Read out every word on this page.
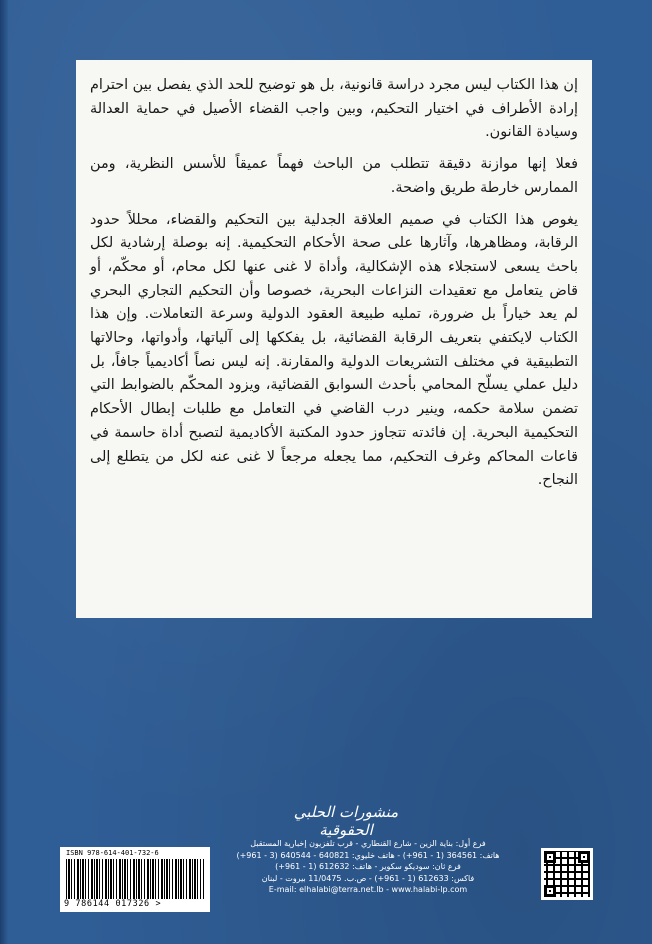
إن هذا الكتاب ليس مجرد دراسة قانونية، بل هو توضيح للحد الذي يفصل بين احترام إرادة الأطراف في اختيار التحكيم، وبين واجب القضاء الأصيل في حماية العدالة وسيادة القانون.

فعلا إنها موازنة دقيقة تتطلب من الباحث فهماً عميقاً للأسس النظرية، ومن الممارس خارطة طريق واضحة.

يغوص هذا الكتاب في صميم العلاقة الجدلية بين التحكيم والقضاء، محللاً حدود الرقابة، ومظاهرها، وآثارها على صحة الأحكام التحكيمية. إنه بوصلة إرشادية لكل باحث يسعى لاستجلاء هذه الإشكالية، وأداة لا غنى عنها لكل محام، أو محكّم، أو قاض يتعامل مع تعقيدات النزاعات البحرية، خصوصا وأن التحكيم التجاري البحري لم يعد خياراً بل ضرورة، تمليه طبيعة العقود الدولية وسرعة التعاملات. وإن هذا الكتاب لايكتفي بتعريف الرقابة القضائية، بل يفككها إلى آلياتها، وأدواتها، وحالاتها التطبيقية في مختلف التشريعات الدولية والمقارنة. إنه ليس نصاً أكاديمياً جافاً، بل دليل عملي يسلّح المحامي بأحدث السوابق القضائية، ويزود المحكّم بالضوابط التي تضمن سلامة حكمه، وينير درب القاضي في التعامل مع طلبات إبطال الأحكام التحكيمية البحرية. إن فائدته تتجاوز حدود المكتبة الأكاديمية لتصبح أداة حاسمة في قاعات المحاكم وغرف التحكيم، مما يجعله مرجعاً لا غنى عنه لكل من يتطلع إلى النجاح.

منشورات الحلبي الحقوقية
ISBN 978-614-401-732-6
9 786144 017326 >
فرع أول: بناية الزين - شارع القنطاري - قرب تلفزيون إخبارية المستقبل
هاتف: 364561 (1 - 961+) - هاتف خليوي: 640821 - 640544 (3 - 961+)
فرع ثان: سوديكو سكوير - هاتف: 612632 (1 - 961+)
فاكس: 612633 (1 - 961+) - ص.ب. 11/0475 بيروت - لبنان
E-mail: elhalabi@terra.net.lb - www.halabi-lp.com
